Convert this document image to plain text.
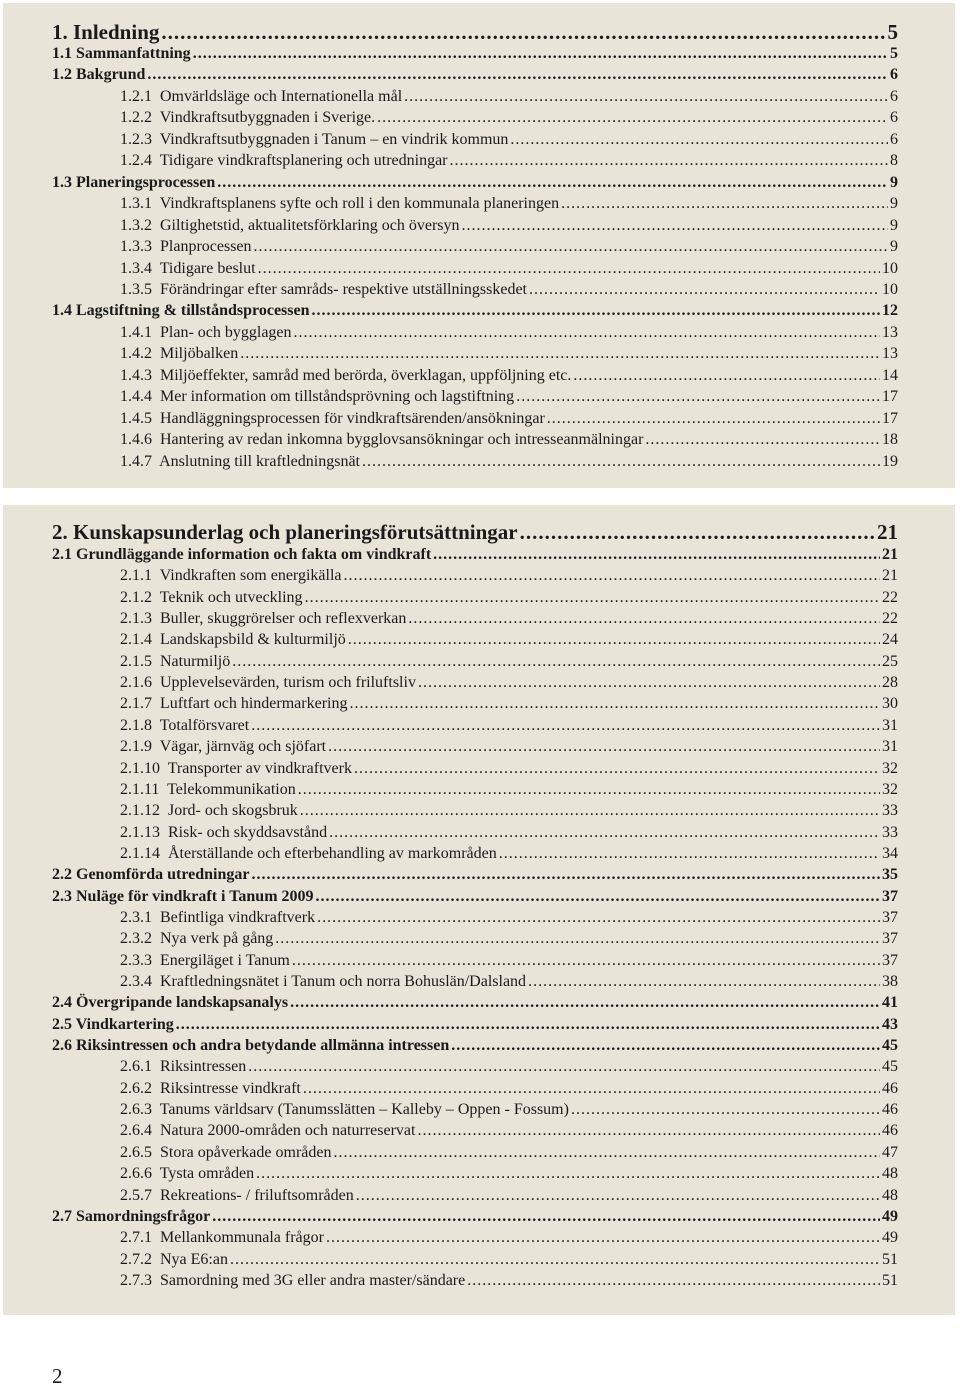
1. Inledning .....	5
1.1 Sammanfattning .....	5
1.2 Bakgrund .....	6
1.2.1  Omvärldsläge och Internationella mål .....	6
1.2.2  Vindkraftsutbyggnaden i Sverige. .....	6
1.2.3  Vindkraftsutbyggnaden i Tanum – en vindrik kommun .....	6
1.2.4  Tidigare vindkraftsplanering och utredningar .....	8
1.3 Planeringsprocessen .....	9
1.3.1  Vindkraftsplanens syfte och roll i den kommunala planeringen .....	9
1.3.2  Giltighetstid, aktualitetsförklaring och översyn .....	9
1.3.3  Planprocessen .....	9
1.3.4  Tidigare beslut .....	10
1.3.5  Förändringar efter samråds- respektive utställningsskedet .....	10
1.4 Lagstiftning & tillståndsprocessen .....	12
1.4.1  Plan- och bygglagen .....	13
1.4.2  Miljöbalken .....	13
1.4.3  Miljöeffekter, samråd med berörda, överklagan, uppföljning etc. .....	14
1.4.4  Mer information om tillståndsprövning och lagstiftning .....	17
1.4.5  Handläggningsprocessen för vindkraftsärenden/ansökningar .....	17
1.4.6  Hantering av redan inkomna bygglovsansökningar och intresseanmälningar .....	18
1.4.7  Anslutning till kraftledningsnät .....	19
2. Kunskapsunderlag och planeringsförutsättningar .....	21
2.1 Grundläggande information och fakta om vindkraft .....	21
2.1.1  Vindkraften som energikälla .....	21
2.1.2  Teknik och utveckling .....	22
2.1.3  Buller, skuggrörelser och reflexverkan .....	22
2.1.4  Landskapsbild & kulturmiljö .....	24
2.1.5  Naturmiljö .....	25
2.1.6  Upplevelsevärden, turism och friluftsliv .....	28
2.1.7  Luftfart och hindermarkering .....	30
2.1.8  Totalförsvaret .....	31
2.1.9  Vägar, järnväg och sjöfart .....	31
2.1.10  Transporter av vindkraftverk .....	32
2.1.11  Telekommunikation .....	32
2.1.12  Jord- och skogsbruk .....	33
2.1.13  Risk- och skyddsavstånd .....	33
2.1.14  Återställande och efterbehandling av markområden .....	34
2.2 Genomförda utredningar .....	35
2.3 Nuläge för vindkraft i Tanum 2009 .....	37
2.3.1  Befintliga vindkraftverk .....	37
2.3.2  Nya verk på gång .....	37
2.3.3  Energiläget i Tanum .....	37
2.3.4  Kraftledningsnätet i Tanum och norra Bohuslän/Dalsland .....	38
2.4 Övergripande landskapsanalys .....	41
2.5 Vindkartering .....	43
2.6 Riksintressen och andra betydande allmänna intressen .....	45
2.6.1  Riksintressen .....	45
2.6.2  Riksintresse vindkraft .....	46
2.6.3  Tanums världsarv (Tanumsslätten – Kalleby – Oppen - Fossum) .....	46
2.6.4  Natura 2000-områden och naturreservat .....	46
2.6.5  Stora opåverkade områden .....	47
2.6.6  Tysta områden .....	48
2.5.7  Rekreations- / friluftsområden .....	48
2.7 Samordningsfrågor .....	49
2.7.1  Mellankommunala frågor .....	49
2.7.2  Nya E6:an .....	51
2.7.3  Samordning med 3G eller andra master/sändare .....	51
2
